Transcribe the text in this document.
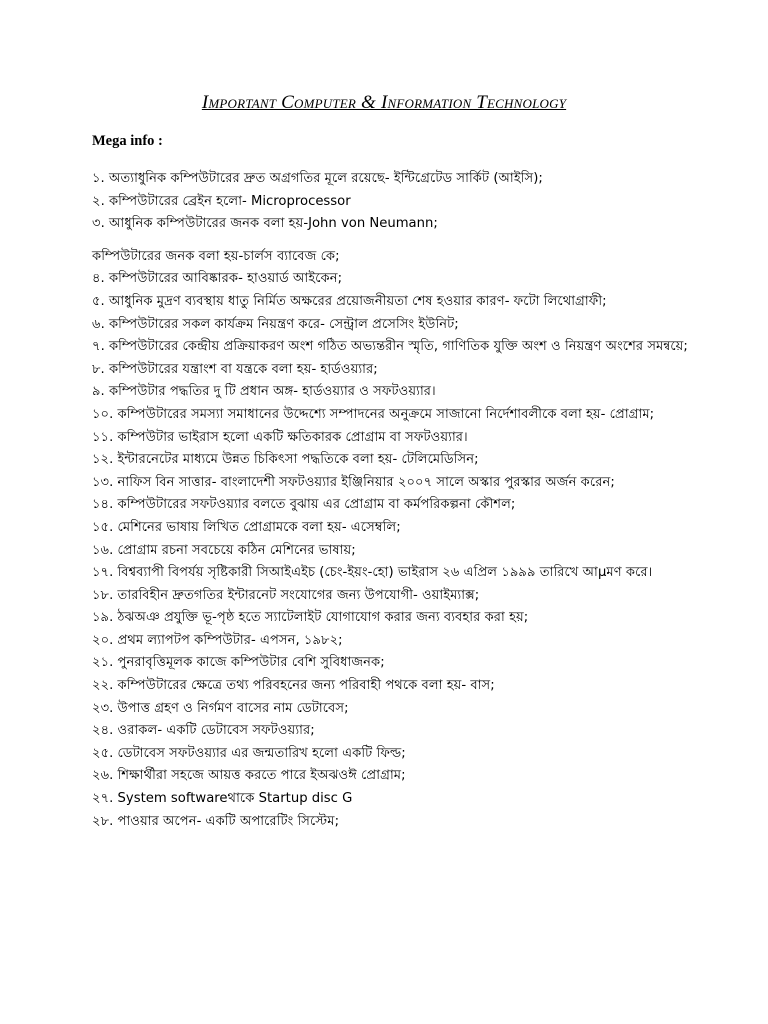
Important Computer & Information Technology
Mega info :
১. অত্যাধুনিক কম্পিউটারের দ্রুত অগ্রগতির মূলে রয়েছে- ইন্টিগ্রেটেড সার্কিট (আইসি);
২. কম্পিউটারের ব্রেইন হলো- Microprocessor
৩. আধুনিক কম্পিউটারের জনক বলা হয়-John von Neumann;
কম্পিউটারের জনক বলা হয়-চার্লস ব্যাবেজ কে;
৪. কম্পিউটারের আবিষ্কারক- হাওয়ার্ড আইকেন;
৫. আধুনিক মুদ্রণ ব্যবস্থায় ধাতু নির্মিত অক্ষরের প্রয়োজনীয়তা শেষ হওয়ার কারণ- ফটো লিথোগ্রাফী;
৬. কম্পিউটারের সকল কার্যক্রম নিয়ন্ত্রণ করে- সেন্ট্রাল প্রসেসিং ইউনিট;
৭. কম্পিউটারের কেন্দ্রীয় প্রক্রিয়াকরণ অংশ গঠিত অভ্যন্তরীন স্মৃতি, গাণিতিক যুক্তি অংশ ও নিয়ন্ত্রণ অংশের সমন্বয়ে;
৮. কম্পিউটারের যন্ত্রাংশ বা যন্ত্রকে বলা হয়- হার্ডওয়্যার;
৯. কম্পিউটার পদ্ধতির দু টি প্রধান অঙ্গ- হার্ডওয়্যার ও সফটওয়্যার।
১০. কম্পিউটারের সমস্যা সমাধানের উদ্দেশ্যে সম্পাদনের অনুক্রমে সাজানো নির্দেশাবলীকে বলা হয়- প্রোগ্রাম;
১১. কম্পিউটার ভাইরাস হলো একটি ক্ষতিকারক প্রোগ্রাম বা সফটওয়্যার।
১২. ইন্টারনেটের মাধ্যমে উন্নত চিকিৎসা পদ্ধতিকে বলা হয়- টেলিমেডিসিন;
১৩. নাফিস বিন সাত্তার- বাংলাদেশী সফটওয়্যার ইঞ্জিনিয়ার ২০০৭ সালে অস্কার পুরস্কার অর্জন করেন;
১৪. কম্পিউটারের সফটওয়্যার বলতে বুঝায় এর প্রোগ্রাম বা কর্মপরিকল্পনা কৌশল;
১৫. মেশিনের ভাষায় লিখিত প্রোগ্রামকে বলা হয়- এসেম্বলি;
১৬. প্রোগ্রাম রচনা সবচেয়ে কঠিন মেশিনের ভাষায়;
১৭. বিশ্বব্যাপী বিপর্যয় সৃষ্টিকারী সিআইএইচ (চেং-ইয়ং-হো) ভাইরাস ২৬ এপ্রিল ১৯৯৯ তারিখে আμমণ করে।
১৮. তারবিহীন দ্রুতগতির ইন্টারনেট সংযোগের জন্য উপযোগী- ওয়াইম্যাক্স;
১৯. ঠঝঅঞ প্রযুক্তি ভূ-পৃষ্ঠ হতে স্যাটেলাইট যোগাযোগ করার জন্য ব্যবহার করা হয়;
২০. প্রথম ল্যাপটপ কম্পিউটার- এপসন, ১৯৮২;
২১. পুনরাবৃত্তিমূলক কাজে কম্পিউটার বেশি সুবিধাজনক;
২২. কম্পিউটারের ক্ষেত্রে তথ্য পরিবহনের জন্য পরিবাহী পথকে বলা হয়- বাস;
২৩. উপাত্ত গ্রহণ ও নির্গমণ বাসের নাম ডেটাবেস;
২৪. ওরাকল- একটি ডেটাবেস সফটওয়্যার;
২৫. ডেটাবেস সফটওয়্যার এর জন্মতারিখ হলো একটি ফিল্ড;
২৬. শিক্ষার্থীরা সহজে আয়ত্ত করতে পারে ইঅঝওঈ প্রোগ্রাম;
২৭. System softwareথাকে Startup disc G
২৮. পাওয়ার অপেন- একটি অপারেটিং সিস্টেম;
